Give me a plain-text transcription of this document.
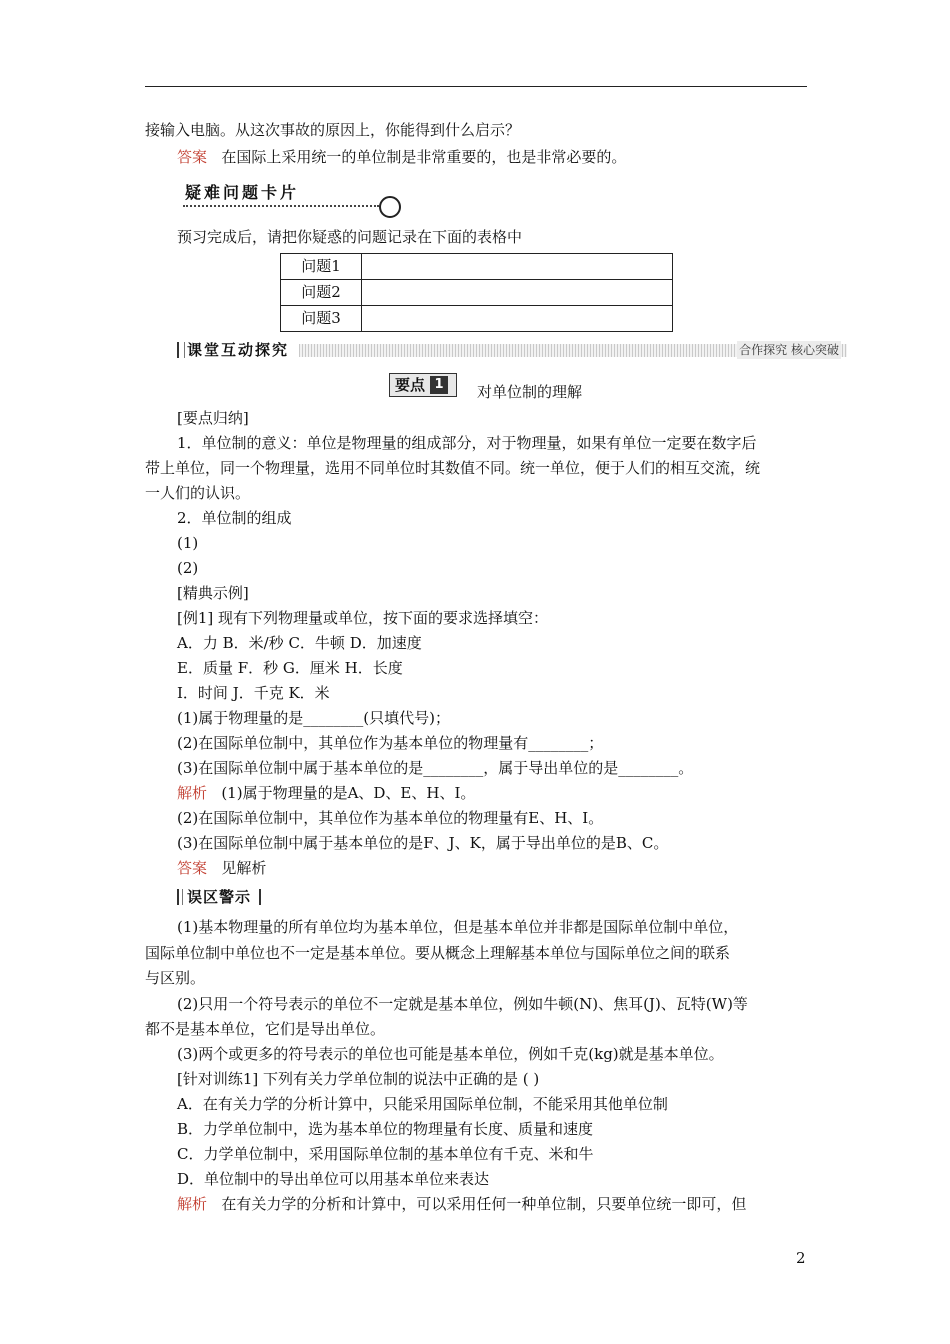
接输入电脑。从这次事故的原因上，你能得到什么启示？
答案 在国际上采用统一的单位制是非常重要的，也是非常必要的。
疑难问题卡片
预习完成后，请把你疑惑的问题记录在下面的表格中
问题1	
问题2	
问题3	
课堂互动探究	合作探究 核心突破
要点 1 对单位制的理解
[要点归纳]
1．单位制的意义：单位是物理量的组成部分，对于物理量，如果有单位一定要在数字后
带上单位，同一个物理量，选用不同单位时其数值不同。统一单位，便于人们的相互交流，统
一人们的认识。
2．单位制的组成
(1)
(2)
[精典示例]
[例1] 现有下列物理量或单位，按下面的要求选择填空：
A．力 B．米/秒 C．牛顿 D．加速度
E．质量 F．秒 G．厘米 H．长度
I．时间 J．千克 K．米
(1)属于物理量的是________(只填代号)；
(2)在国际单位制中，其单位作为基本单位的物理量有________；
(3)在国际单位制中属于基本单位的是________，属于导出单位的是________。
解析 (1)属于物理量的是A、D、E、H、I。
(2)在国际单位制中，其单位作为基本单位的物理量有E、H、I。
(3)在国际单位制中属于基本单位的是F、J、K，属于导出单位的是B、C。
答案 见解析
误区警示
(1)基本物理量的所有单位均为基本单位，但是基本单位并非都是国际单位制中单位，
国际单位制中单位也不一定是基本单位。要从概念上理解基本单位与国际单位之间的联系
与区别。
(2)只用一个符号表示的单位不一定就是基本单位，例如牛顿(N)、焦耳(J)、瓦特(W)等
都不是基本单位，它们是导出单位。
(3)两个或更多的符号表示的单位也可能是基本单位，例如千克(kg)就是基本单位。
[针对训练1] 下列有关力学单位制的说法中正确的是 ( )
A．在有关力学的分析计算中，只能采用国际单位制，不能采用其他单位制
B．力学单位制中，选为基本单位的物理量有长度、质量和速度
C．力学单位制中，采用国际单位制的基本单位有千克、米和牛
D．单位制中的导出单位可以用基本单位来表达
解析 在有关力学的分析和计算中，可以采用任何一种单位制，只要单位统一即可，但
2
